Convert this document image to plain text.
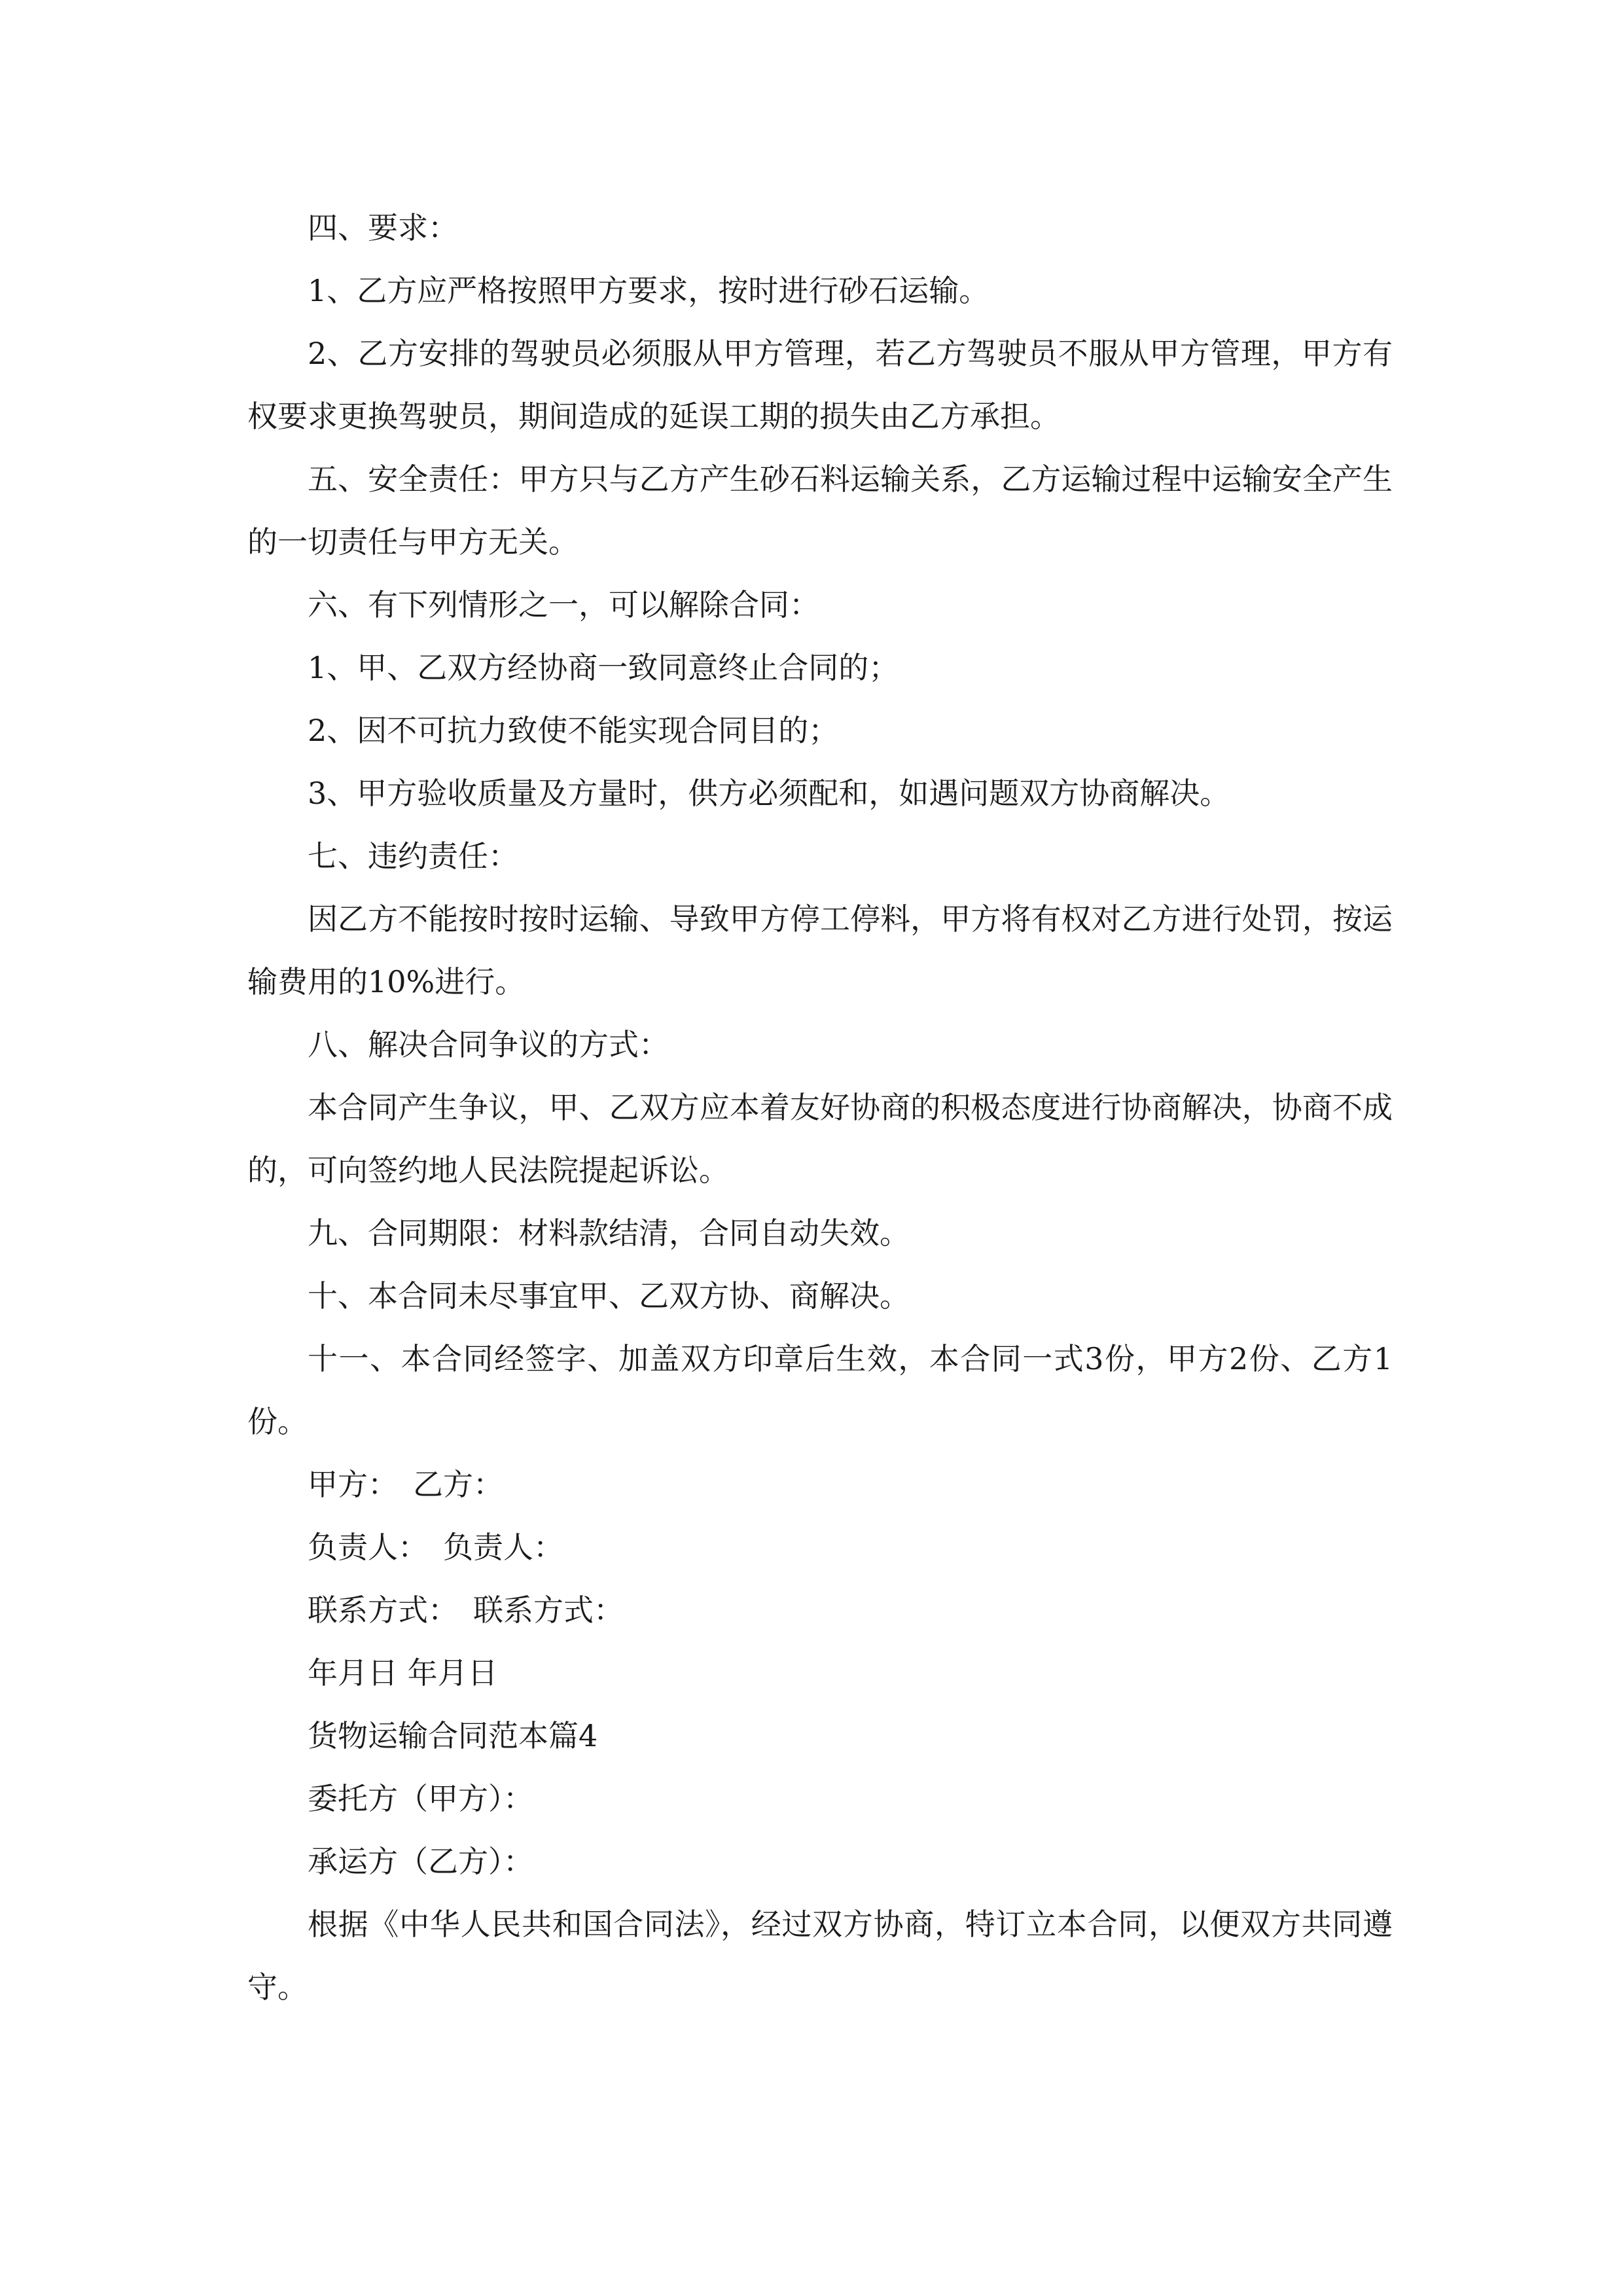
四、要求：

1、乙方应严格按照甲方要求，按时进行砂石运输。

2、乙方安排的驾驶员必须服从甲方管理，若乙方驾驶员不服从甲方管理，甲方有权要求更换驾驶员，期间造成的延误工期的损失由乙方承担。

五、安全责任：甲方只与乙方产生砂石料运输关系，乙方运输过程中运输安全产生的一切责任与甲方无关。

六、有下列情形之一，可以解除合同：

1、甲、乙双方经协商一致同意终止合同的；

2、因不可抗力致使不能实现合同目的；

3、甲方验收质量及方量时，供方必须配和，如遇问题双方协商解决。

七、违约责任：

因乙方不能按时按时运输、导致甲方停工停料，甲方将有权对乙方进行处罚，按运输费用的10%进行。

八、解决合同争议的方式：

本合同产生争议，甲、乙双方应本着友好协商的积极态度进行协商解决，协商不成的，可向签约地人民法院提起诉讼。

九、合同期限：材料款结清，合同自动失效。

十、本合同未尽事宜甲、乙双方协、商解决。

十一、本合同经签字、加盖双方印章后生效，本合同一式3份，甲方2份、乙方1份。

甲方：　乙方：

负责人：　负责人：

联系方式：　联系方式：

年月日 年月日

货物运输合同范本篇4

委托方（甲方）：

承运方（乙方）：

根据《中华人民共和国合同法》，经过双方协商，特订立本合同，以便双方共同遵守。
